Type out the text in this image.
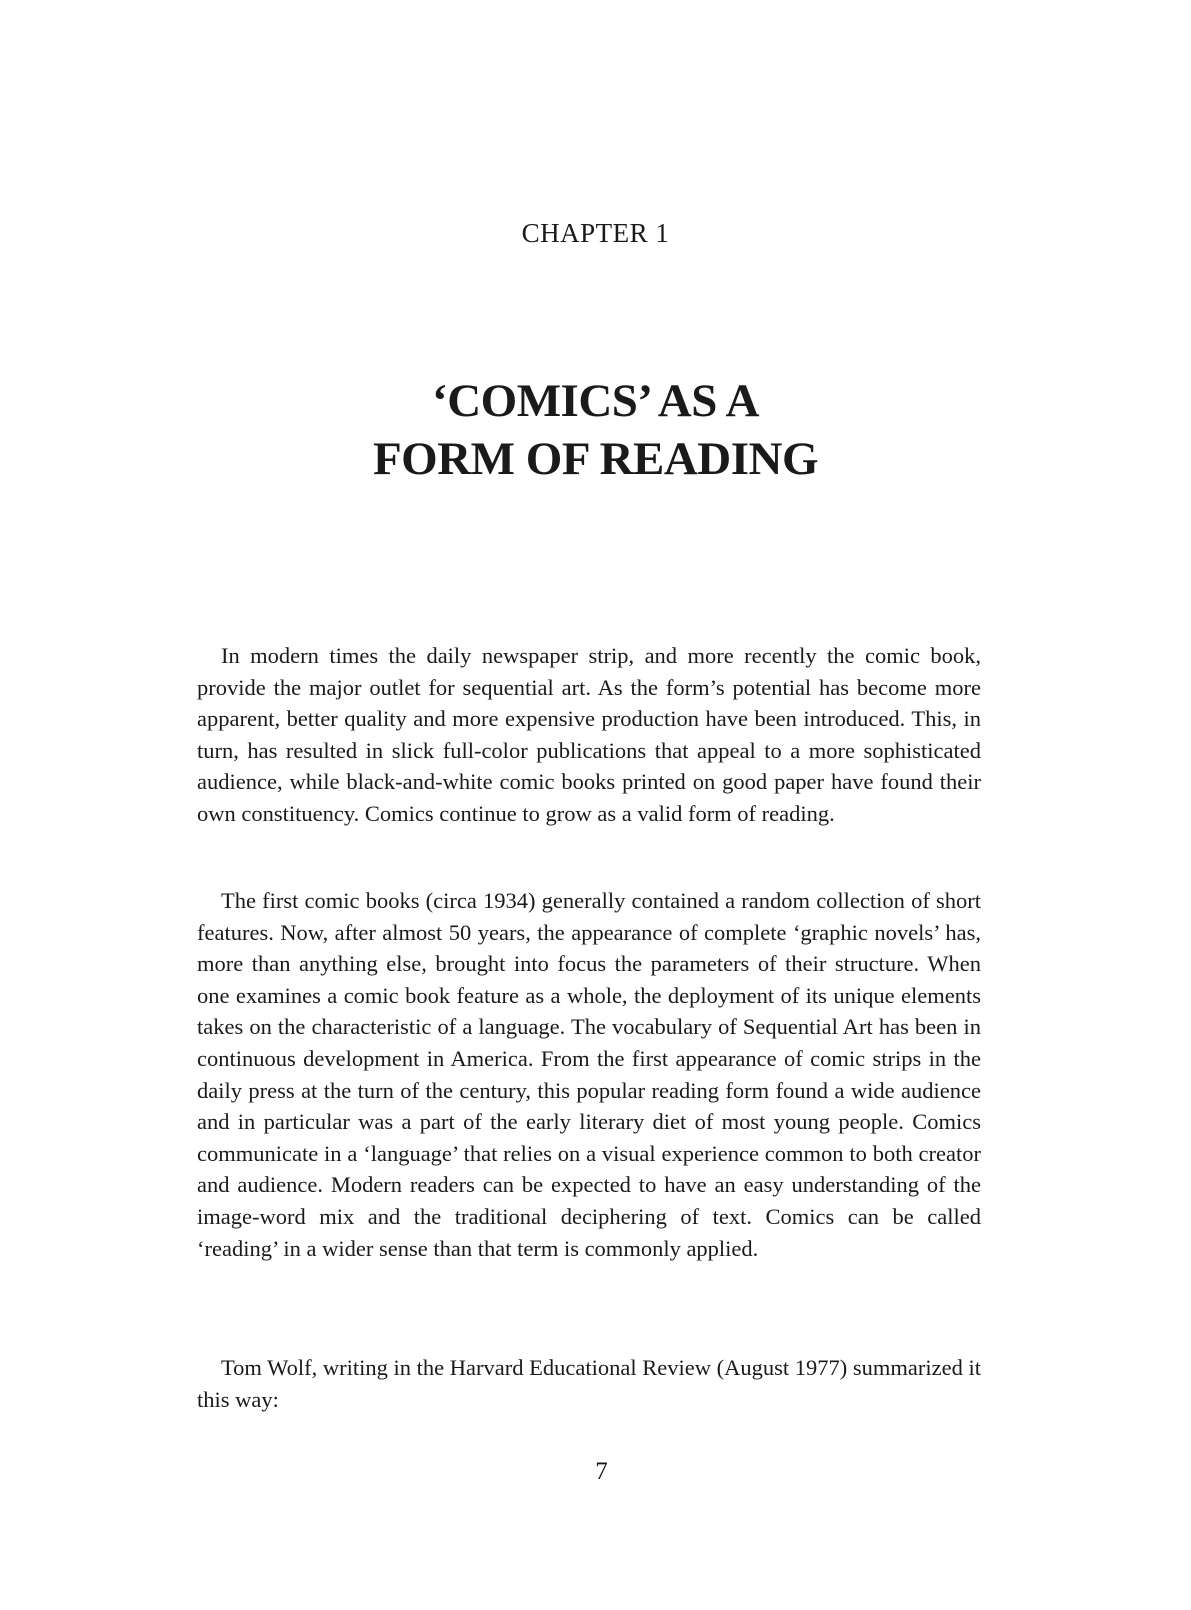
CHAPTER 1
‘COMICS’ AS A
FORM OF READING

In modern times the daily newspaper strip, and more recently the comic book, provide the major outlet for sequential art. As the form’s potential has become more apparent, better quality and more expensive production have been introduced. This, in turn, has resulted in slick full-color publications that appeal to a more sophisticated audience, while black-and-white comic books printed on good paper have found their own constituency. Comics continue to grow as a valid form of reading.

The first comic books (circa 1934) generally contained a random collection of short features. Now, after almost 50 years, the appearance of complete ‘graphic novels’ has, more than anything else, brought into focus the parameters of their structure. When one examines a comic book feature as a whole, the deployment of its unique elements takes on the characteristic of a language. The vocabulary of Sequential Art has been in continuous development in America. From the first appearance of comic strips in the daily press at the turn of the century, this popular reading form found a wide audience and in particular was a part of the early literary diet of most young people. Comics communicate in a ‘language’ that relies on a visual experience common to both creator and audience. Modern readers can be expected to have an easy understanding of the image-word mix and the traditional deciphering of text. Comics can be called ‘reading’ in a wider sense than that term is commonly applied.

Tom Wolf, writing in the Harvard Educational Review (August 1977) summarized it this way:

7
